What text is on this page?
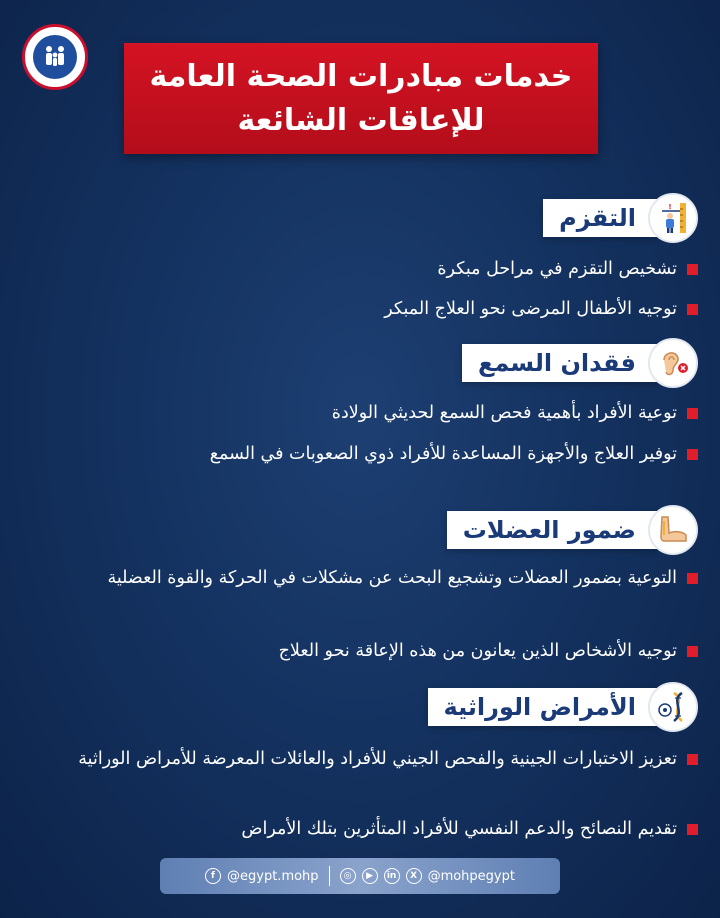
خدمات مبادرات الصحة العامة
للإعاقات الشائعة
!
التقزم
تشخيص التقزم في مراحل مبكرة
توجيه الأطفال المرضى نحو العلاج المبكر
فقدان السمع
توعية الأفراد بأهمية فحص السمع لحديثي الولادة
توفير العلاج والأجهزة المساعدة للأفراد ذوي الصعوبات في السمع
ضمور العضلات
التوعية بضمور العضلات وتشجيع البحث عن مشكلات في الحركة والقوة العضلية
توجيه الأشخاص الذين يعانون من هذه الإعاقة نحو العلاج
الأمراض الوراثية
تعزيز الاختبارات الجينية والفحص الجيني للأفراد والعائلات المعرضة للأمراض الوراثية
تقديم النصائح والدعم النفسي للأفراد المتأثرين بتلك الأمراض
f @egypt.mohp	◎	▶	in	X @mohpegypt
